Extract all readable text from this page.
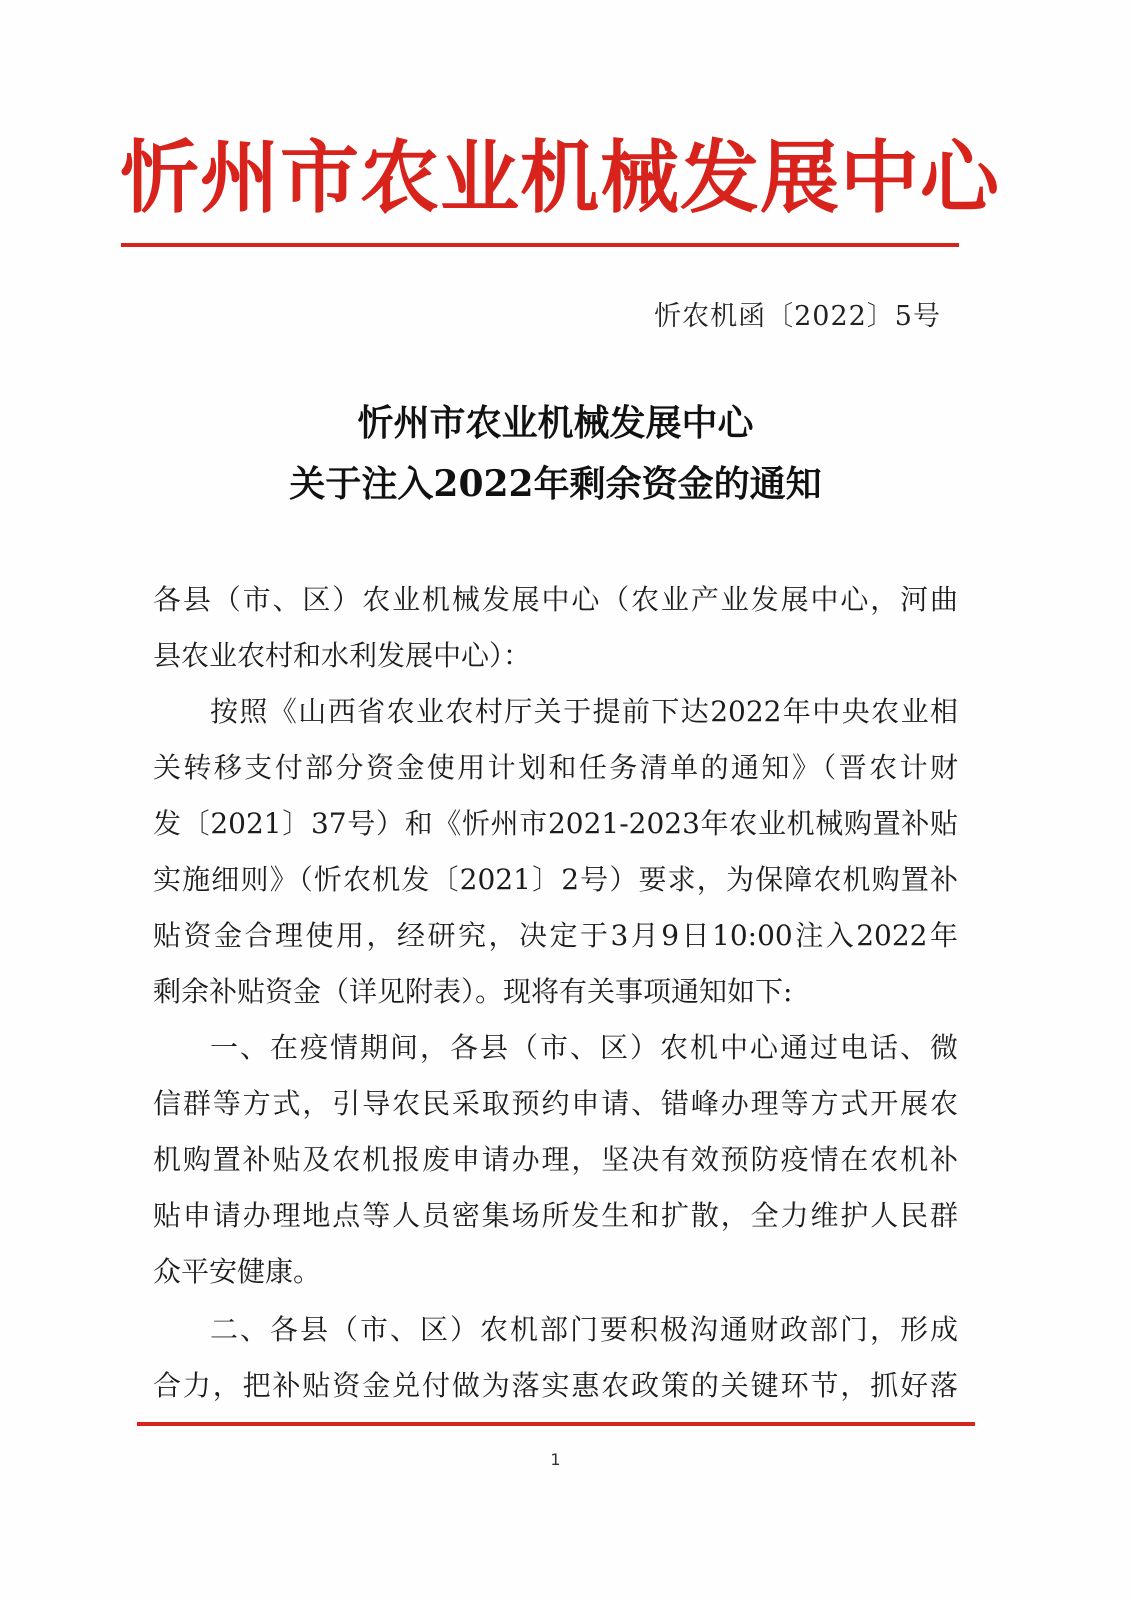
忻州市农业机械发展中心
忻农机函〔2022〕5号
忻州市农业机械发展中心
关于注入2022年剩余资金的通知
各县（市、区）农业机械发展中心（农业产业发展中心，河曲
县农业农村和水利发展中心）：
按照《山西省农业农村厅关于提前下达2022年中央农业相
关转移支付部分资金使用计划和任务清单的通知》（晋农计财
发〔2021〕37号）和《忻州市2021-2023年农业机械购置补贴
实施细则》（忻农机发〔2021〕2号）要求，为保障农机购置补
贴资金合理使用，经研究，决定于3月9日10:00注入2022年
剩余补贴资金（详见附表）。现将有关事项通知如下:
一、在疫情期间，各县（市、区）农机中心通过电话、微
信群等方式，引导农民采取预约申请、错峰办理等方式开展农
机购置补贴及农机报废申请办理，坚决有效预防疫情在农机补
贴申请办理地点等人员密集场所发生和扩散，全力维护人民群
众平安健康。
二、各县（市、区）农机部门要积极沟通财政部门，形成
合力，把补贴资金兑付做为落实惠农政策的关键环节，抓好落
1
